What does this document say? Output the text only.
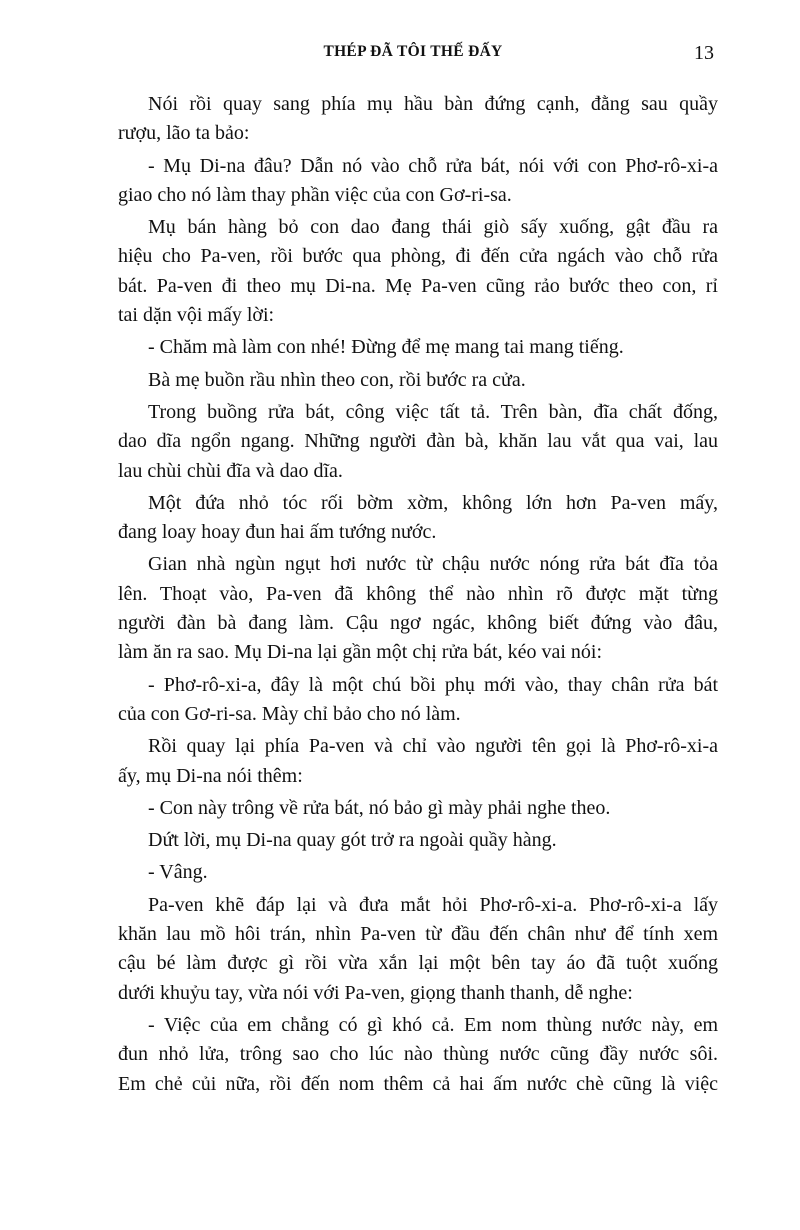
THÉP ĐÃ TÔI THẾ ĐẤY	13
Nói rồi quay sang phía mụ hầu bàn đứng cạnh, đằng sau quầy
rượu, lão ta bảo:
- Mụ Di-na đâu? Dẫn nó vào chỗ rửa bát, nói với con Phơ-rô-xi-a
giao cho nó làm thay phần việc của con Gơ-ri-sa.
Mụ bán hàng bỏ con dao đang thái giò sấy xuống, gật đầu ra
hiệu cho Pa-ven, rồi bước qua phòng, đi đến cửa ngách vào chỗ rửa
bát. Pa-ven đi theo mụ Di-na. Mẹ Pa-ven cũng rảo bước theo con, rỉ
tai dặn vội mấy lời:
- Chăm mà làm con nhé! Đừng để mẹ mang tai mang tiếng.
Bà mẹ buồn rầu nhìn theo con, rồi bước ra cửa.
Trong buồng rửa bát, công việc tất tả. Trên bàn, đĩa chất đống,
dao dĩa ngổn ngang. Những người đàn bà, khăn lau vắt qua vai, lau
lau chùi chùi đĩa và dao dĩa.
Một đứa nhỏ tóc rối bờm xờm, không lớn hơn Pa-ven mấy,
đang loay hoay đun hai ấm tướng nước.
Gian nhà ngùn ngụt hơi nước từ chậu nước nóng rửa bát đĩa tỏa
lên. Thoạt vào, Pa-ven đã không thể nào nhìn rõ được mặt từng
người đàn bà đang làm. Cậu ngơ ngác, không biết đứng vào đâu,
làm ăn ra sao. Mụ Di-na lại gần một chị rửa bát, kéo vai nói:
- Phơ-rô-xi-a, đây là một chú bồi phụ mới vào, thay chân rửa bát
của con Gơ-ri-sa. Mày chỉ bảo cho nó làm.
Rồi quay lại phía Pa-ven và chỉ vào người tên gọi là Phơ-rô-xi-a
ấy, mụ Di-na nói thêm:
- Con này trông về rửa bát, nó bảo gì mày phải nghe theo.
Dứt lời, mụ Di-na quay gót trở ra ngoài quầy hàng.
- Vâng.
Pa-ven khẽ đáp lại và đưa mắt hỏi Phơ-rô-xi-a. Phơ-rô-xi-a lấy
khăn lau mồ hôi trán, nhìn Pa-ven từ đầu đến chân như để tính xem
cậu bé làm được gì rồi vừa xắn lại một bên tay áo đã tuột xuống
dưới khuỷu tay, vừa nói với Pa-ven, giọng thanh thanh, dễ nghe:
- Việc của em chẳng có gì khó cả. Em nom thùng nước này, em
đun nhỏ lửa, trông sao cho lúc nào thùng nước cũng đầy nước sôi.
Em chẻ củi nữa, rồi đến nom thêm cả hai ấm nước chè cũng là việc
